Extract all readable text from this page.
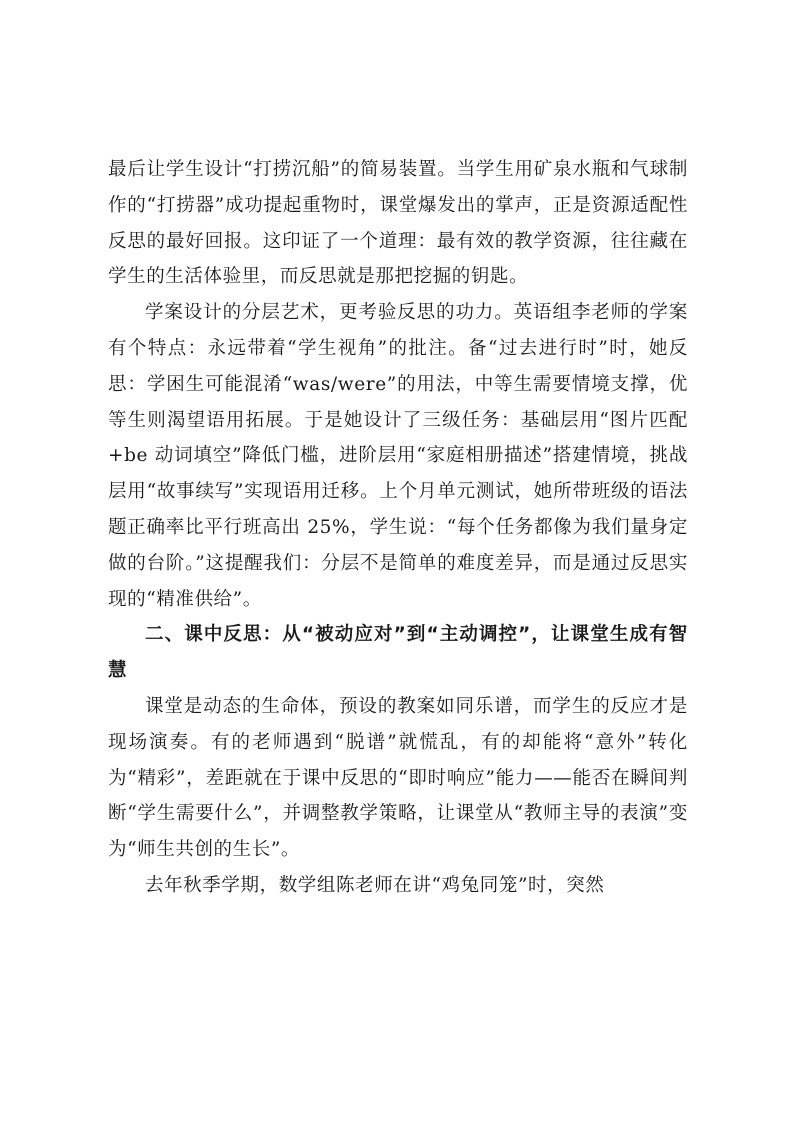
最后让学生设计“打捞沉船”的简易装置。当学生用矿泉水瓶和气球制作的“打捞器”成功提起重物时，课堂爆发出的掌声，正是资源适配性反思的最好回报。这印证了一个道理：最有效的教学资源，往往藏在学生的生活体验里，而反思就是那把挖掘的钥匙。

学案设计的分层艺术，更考验反思的功力。英语组李老师的学案有个特点：永远带着“学生视角”的批注。备“过去进行时”时，她反思：学困生可能混淆“was/were”的用法，中等生需要情境支撑，优等生则渴望语用拓展。于是她设计了三级任务：基础层用“图片匹配+be 动词填空”降低门槛，进阶层用“家庭相册描述”搭建情境，挑战层用“故事续写”实现语用迁移。上个月单元测试，她所带班级的语法题正确率比平行班高出 25%，学生说：“每个任务都像为我们量身定做的台阶。”这提醒我们：分层不是简单的难度差异，而是通过反思实现的“精准供给”。

二、课中反思：从“被动应对”到“主动调控”，让课堂生成有智慧

课堂是动态的生命体，预设的教案如同乐谱，而学生的反应才是现场演奏。有的老师遇到“脱谱”就慌乱，有的却能将“意外”转化为“精彩”，差距就在于课中反思的“即时响应”能力——能否在瞬间判断“学生需要什么”，并调整教学策略，让课堂从“教师主导的表演”变为“师生共创的生长”。

去年秋季学期，数学组陈老师在讲“鸡兔同笼”时，突然
